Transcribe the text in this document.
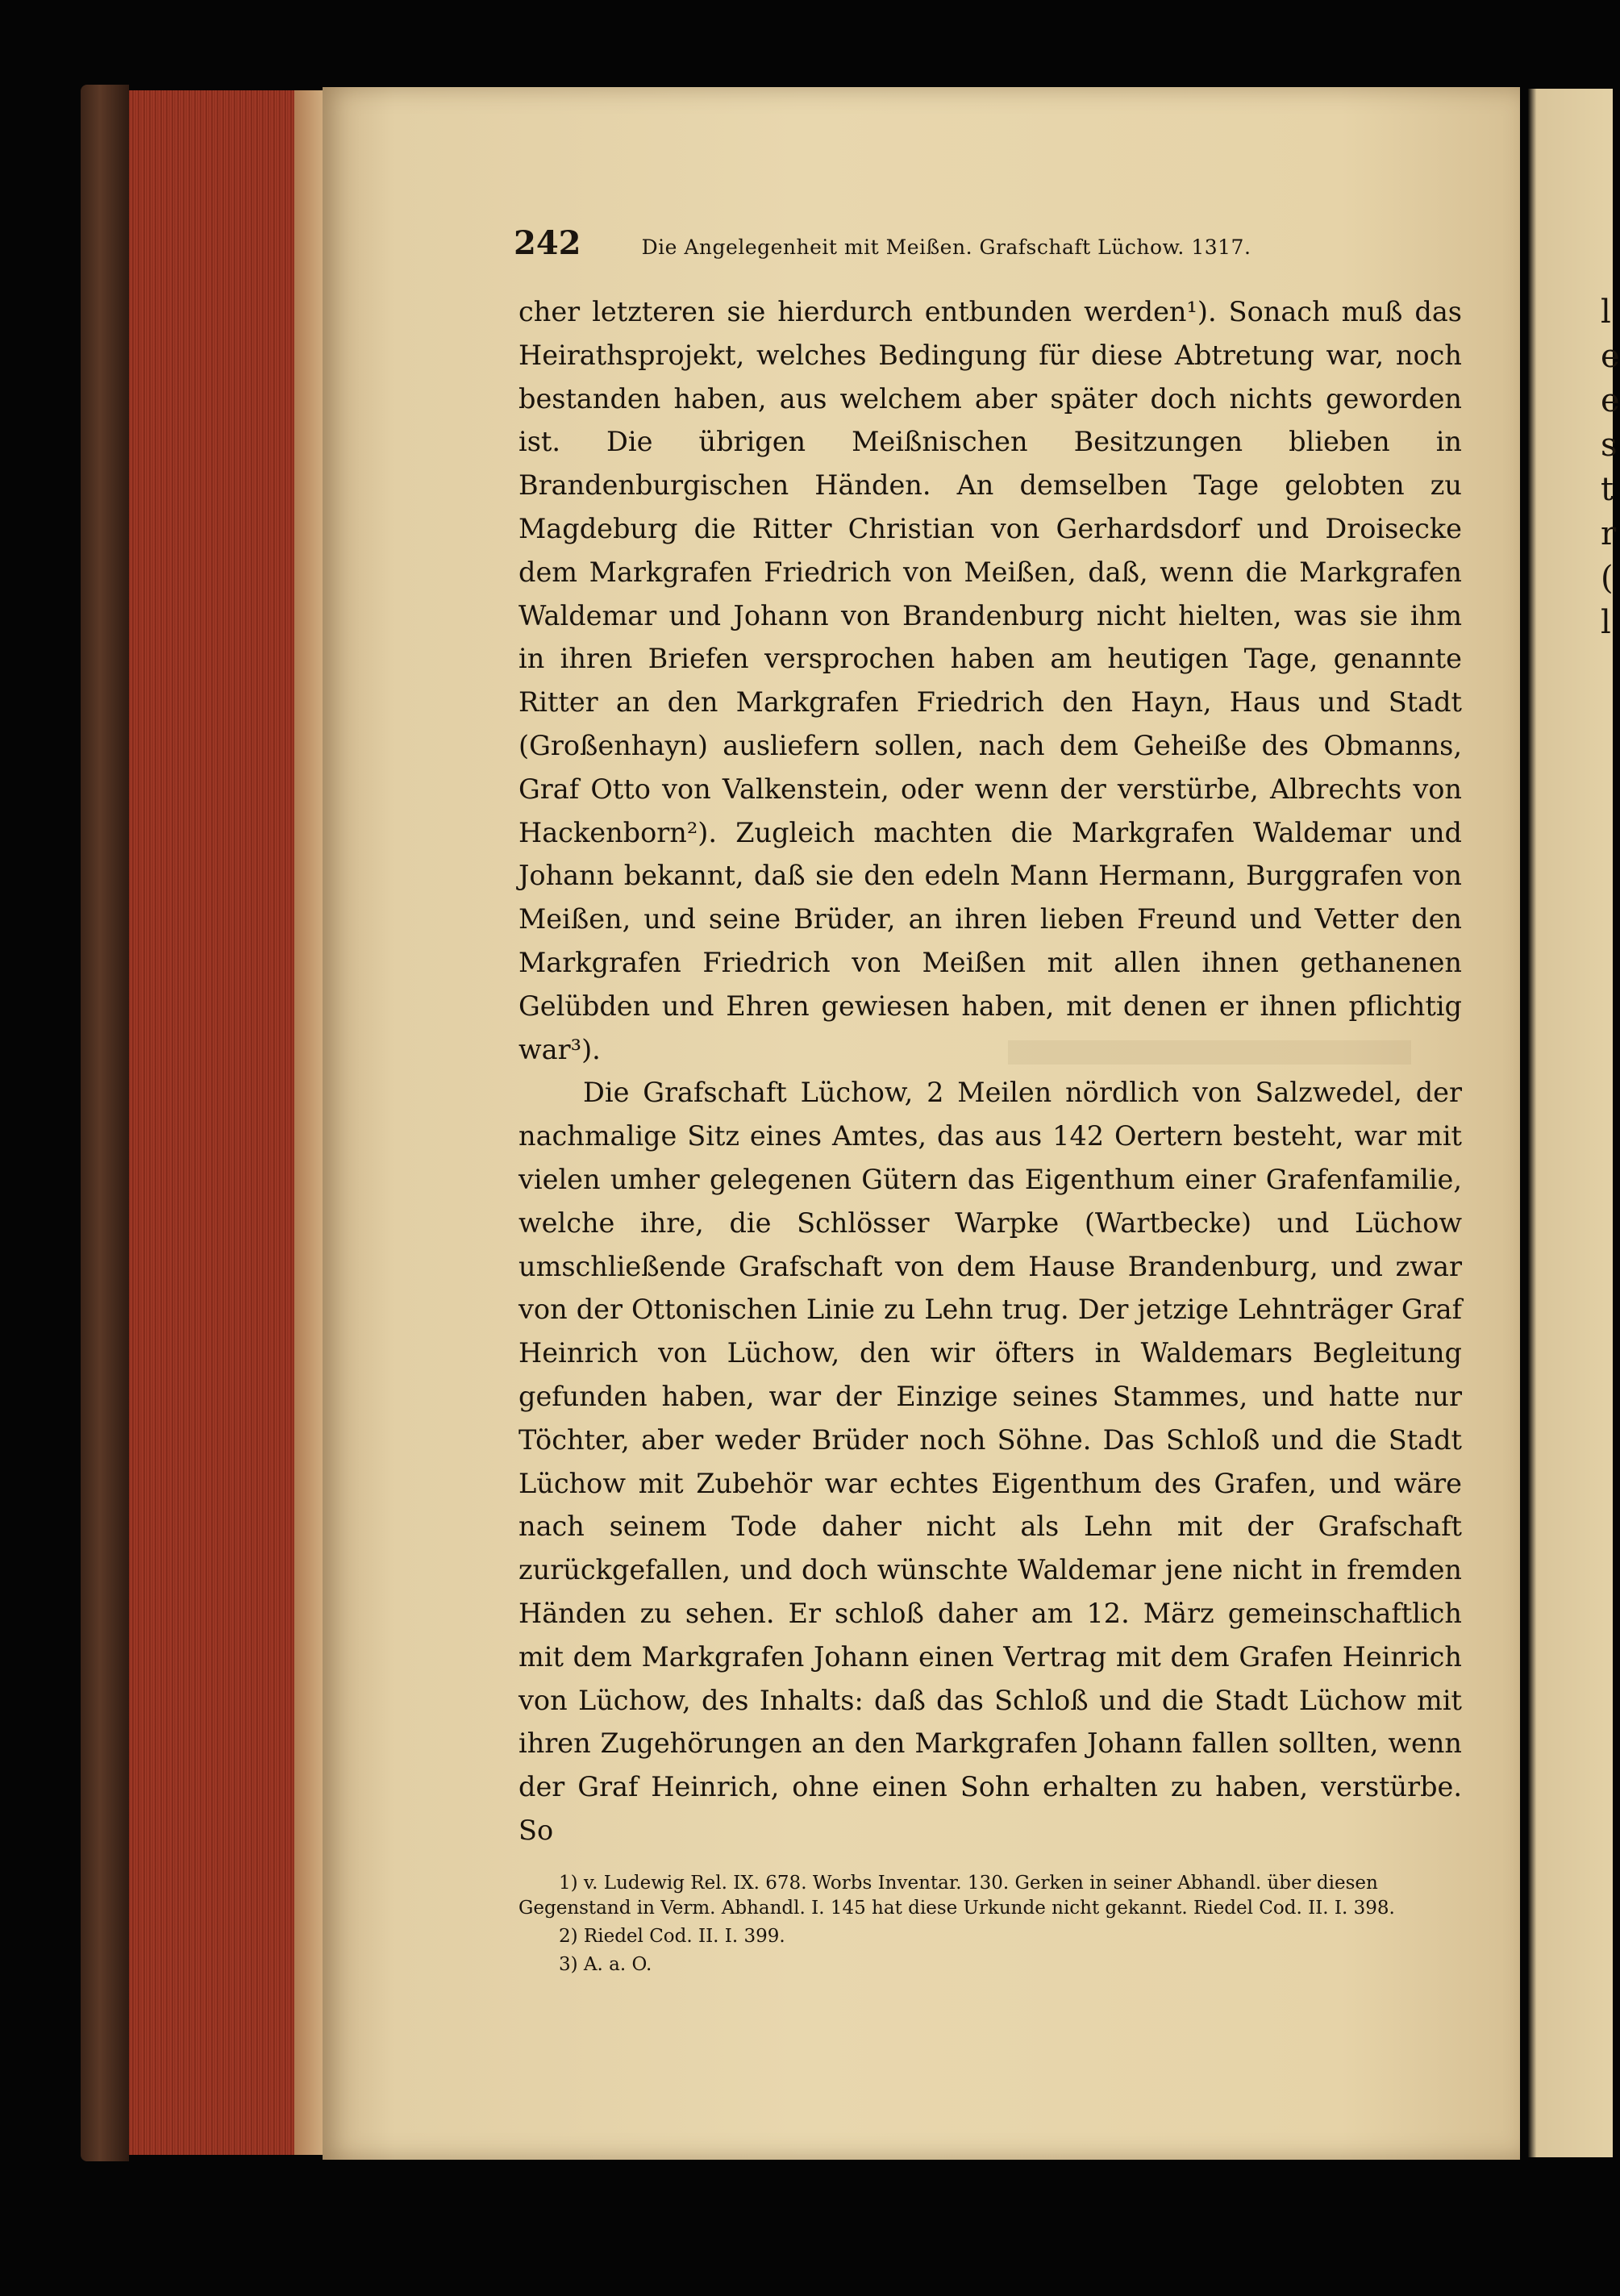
l e e s t r ( l
242	Die Angelegenheit mit Meißen. Grafschaft Lüchow. 1317.

cher letzteren sie hierdurch entbunden werden¹). Sonach muß das Heirathsprojekt, welches Bedingung für diese Abtretung war, noch bestanden haben, aus welchem aber später doch nichts geworden ist. Die übrigen Meißnischen Besitzungen blieben in Brandenburgischen Händen. An demselben Tage gelobten zu Magdeburg die Ritter Christian von Gerhardsdorf und Droisecke dem Markgrafen Friedrich von Meißen, daß, wenn die Markgrafen Waldemar und Johann von Brandenburg nicht hielten, was sie ihm in ihren Briefen versprochen haben am heutigen Tage, genannte Ritter an den Markgrafen Friedrich den Hayn, Haus und Stadt (Großenhayn) ausliefern sollen, nach dem Geheiße des Obmanns, Graf Otto von Valkenstein, oder wenn der verstürbe, Albrechts von Hackenborn²). Zugleich machten die Markgrafen Waldemar und Johann bekannt, daß sie den edeln Mann Hermann, Burggrafen von Meißen, und seine Brüder, an ihren lieben Freund und Vetter den Markgrafen Friedrich von Meißen mit allen ihnen gethanenen Gelübden und Ehren gewiesen haben, mit denen er ihnen pflichtig war³).

Die Grafschaft Lüchow, 2 Meilen nördlich von Salzwedel, der nachmalige Sitz eines Amtes, das aus 142 Oertern besteht, war mit vielen umher gelegenen Gütern das Eigenthum einer Grafenfamilie, welche ihre, die Schlösser Warpke (Wartbecke) und Lüchow umschließende Grafschaft von dem Hause Brandenburg, und zwar von der Ottonischen Linie zu Lehn trug. Der jetzige Lehnträger Graf Heinrich von Lüchow, den wir öfters in Waldemars Begleitung gefunden haben, war der Einzige seines Stammes, und hatte nur Töchter, aber weder Brüder noch Söhne. Das Schloß und die Stadt Lüchow mit Zubehör war echtes Eigenthum des Grafen, und wäre nach seinem Tode daher nicht als Lehn mit der Grafschaft zurückgefallen, und doch wünschte Waldemar jene nicht in fremden Händen zu sehen. Er schloß daher am 12. März gemeinschaftlich mit dem Markgrafen Johann einen Vertrag mit dem Grafen Heinrich von Lüchow, des Inhalts: daß das Schloß und die Stadt Lüchow mit ihren Zugehörungen an den Markgrafen Johann fallen sollten, wenn der Graf Heinrich, ohne einen Sohn erhalten zu haben, verstürbe. So

1) v. Ludewig Rel. IX. 678. Worbs Inventar. 130. Gerken in seiner Abhandl. über diesen Gegenstand in Verm. Abhandl. I. 145 hat diese Urkunde nicht gekannt. Riedel Cod. II. I. 398.

2) Riedel Cod. II. I. 399.

3) A. a. O.
